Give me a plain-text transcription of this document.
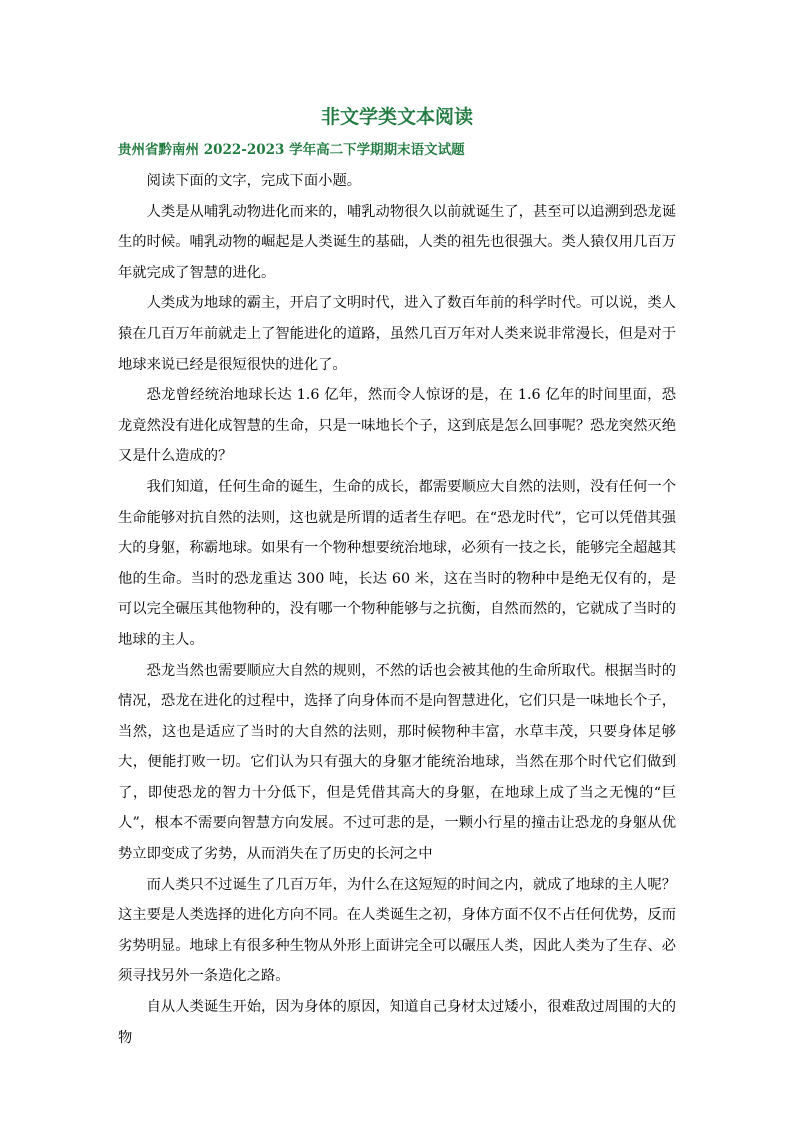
非文学类文本阅读
贵州省黔南州 2022-2023 学年高二下学期期末语文试题

阅读下面的文字，完成下面小题。

人类是从哺乳动物进化而来的，哺乳动物很久以前就诞生了，甚至可以追溯到恐龙诞生的时候。哺乳动物的崛起是人类诞生的基础，人类的祖先也很强大。类人猿仅用几百万年就完成了智慧的进化。

人类成为地球的霸主，开启了文明时代，进入了数百年前的科学时代。可以说，类人猿在几百万年前就走上了智能进化的道路，虽然几百万年对人类来说非常漫长，但是对于地球来说已经是很短很快的进化了。

恐龙曾经统治地球长达 1.6 亿年，然而令人惊讶的是，在 1.6 亿年的时间里面，恐龙竟然没有进化成智慧的生命，只是一味地长个子，这到底是怎么回事呢？恐龙突然灭绝又是什么造成的？

我们知道，任何生命的诞生，生命的成长，都需要顺应大自然的法则，没有任何一个生命能够对抗自然的法则，这也就是所谓的适者生存吧。在“恐龙时代”，它可以凭借其强大的身躯，称霸地球。如果有一个物种想要统治地球，必须有一技之长，能够完全超越其他的生命。当时的恐龙重达 300 吨，长达 60 米，这在当时的物种中是绝无仅有的，是可以完全碾压其他物种的，没有哪一个物种能够与之抗衡，自然而然的，它就成了当时的地球的主人。

恐龙当然也需要顺应大自然的规则，不然的话也会被其他的生命所取代。根据当时的情况，恐龙在进化的过程中，选择了向身体而不是向智慧进化，它们只是一味地长个子，当然，这也是适应了当时的大自然的法则，那时候物种丰富，水草丰茂，只要身体足够大，便能打败一切。它们认为只有强大的身躯才能统治地球，当然在那个时代它们做到了，即使恐龙的智力十分低下，但是凭借其高大的身躯，在地球上成了当之无愧的“巨人”，根本不需要向智慧方向发展。不过可悲的是，一颗小行星的撞击让恐龙的身躯从优势立即变成了劣势，从而消失在了历史的长河之中

而人类只不过诞生了几百万年，为什么在这短短的时间之内，就成了地球的主人呢？这主要是人类选择的进化方向不同。在人类诞生之初，身体方面不仅不占任何优势，反而劣势明显。地球上有很多种生物从外形上面讲完全可以碾压人类，因此人类为了生存、必须寻找另外一条造化之路。

自从人类诞生开始，因为身体的原因，知道自己身材太过矮小，很难敌过周围的大的物
